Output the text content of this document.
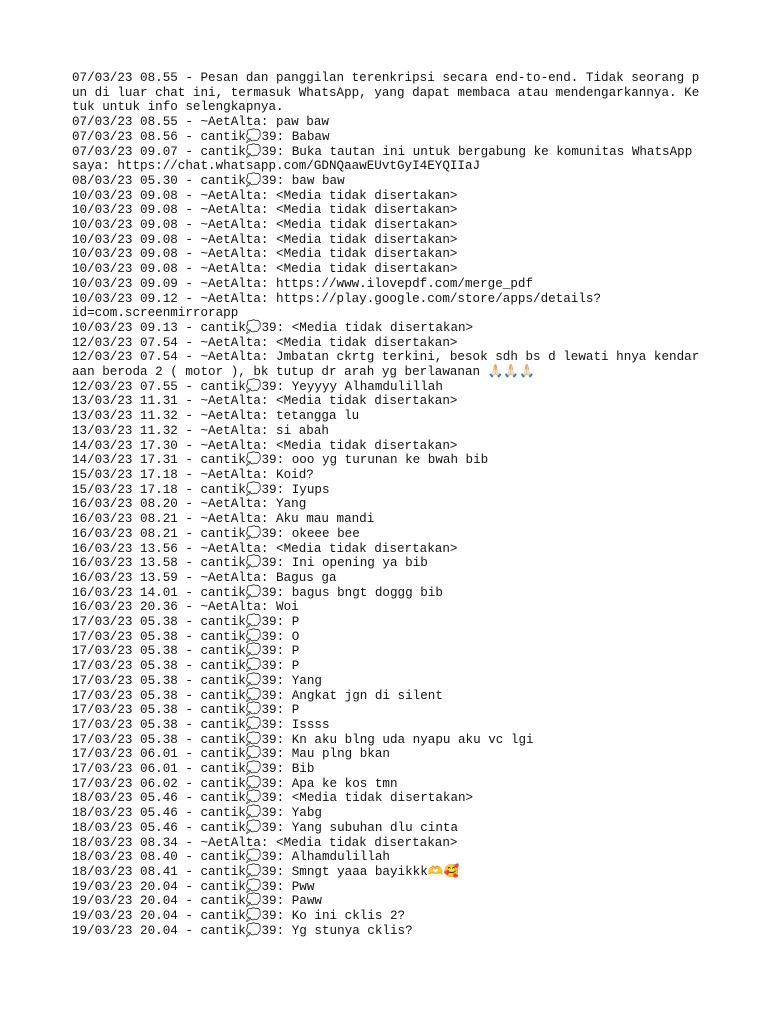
07/03/23 08.55 - Pesan dan panggilan terenkripsi secara end-to-end. Tidak seorang pun di luar chat ini, termasuk WhatsApp, yang dapat membaca atau mendengarkannya. Ketuk untuk info selengkapnya.
07/03/23 08.55 - ~AetAlta: paw baw
07/03/23 08.56 - cantik💭39: Babaw
07/03/23 09.07 - cantik💭39: Buka tautan ini untuk bergabung ke komunitas WhatsApp saya: https://chat.whatsapp.com/GDNQaawEUvtGyI4EYQIIaJ
08/03/23 05.30 - cantik💭39: baw baw
10/03/23 09.08 - ~AetAlta: <Media tidak disertakan>
10/03/23 09.08 - ~AetAlta: <Media tidak disertakan>
10/03/23 09.08 - ~AetAlta: <Media tidak disertakan>
10/03/23 09.08 - ~AetAlta: <Media tidak disertakan>
10/03/23 09.08 - ~AetAlta: <Media tidak disertakan>
10/03/23 09.08 - ~AetAlta: <Media tidak disertakan>
10/03/23 09.09 - ~AetAlta: https://www.ilovepdf.com/merge_pdf
10/03/23 09.12 - ~AetAlta: https://play.google.com/store/apps/details?
id=com.screenmirrorapp
10/03/23 09.13 - cantik💭39: <Media tidak disertakan>
12/03/23 07.54 - ~AetAlta: <Media tidak disertakan>
12/03/23 07.54 - ~AetAlta: Jmbatan ckrtg terkini, besok sdh bs d lewati hnya kendaraan beroda 2 ( motor ), bk tutup dr arah yg berlawanan 🙏🏻🙏🏻🙏🏻
12/03/23 07.55 - cantik💭39: Yeyyyy Alhamdulillah
13/03/23 11.31 - ~AetAlta: <Media tidak disertakan>
13/03/23 11.32 - ~AetAlta: tetangga lu
13/03/23 11.32 - ~AetAlta: si abah
14/03/23 17.30 - ~AetAlta: <Media tidak disertakan>
14/03/23 17.31 - cantik💭39: ooo yg turunan ke bwah bib
15/03/23 17.18 - ~AetAlta: Koid?
15/03/23 17.18 - cantik💭39: Iyups
16/03/23 08.20 - ~AetAlta: Yang
16/03/23 08.21 - ~AetAlta: Aku mau mandi
16/03/23 08.21 - cantik💭39: okeee bee
16/03/23 13.56 - ~AetAlta: <Media tidak disertakan>
16/03/23 13.58 - cantik💭39: Ini opening ya bib
16/03/23 13.59 - ~AetAlta: Bagus ga
16/03/23 14.01 - cantik💭39: bagus bngt doggg bib
16/03/23 20.36 - ~AetAlta: Woi
17/03/23 05.38 - cantik💭39: P
17/03/23 05.38 - cantik💭39: O
17/03/23 05.38 - cantik💭39: P
17/03/23 05.38 - cantik💭39: P
17/03/23 05.38 - cantik💭39: Yang
17/03/23 05.38 - cantik💭39: Angkat jgn di silent
17/03/23 05.38 - cantik💭39: P
17/03/23 05.38 - cantik💭39: Issss
17/03/23 05.38 - cantik💭39: Kn aku blng uda nyapu aku vc lgi
17/03/23 06.01 - cantik💭39: Mau plng bkan
17/03/23 06.01 - cantik💭39: Bib
17/03/23 06.02 - cantik💭39: Apa ke kos tmn
18/03/23 05.46 - cantik💭39: <Media tidak disertakan>
18/03/23 05.46 - cantik💭39: Yabg
18/03/23 05.46 - cantik💭39: Yang subuhan dlu cinta
18/03/23 08.34 - ~AetAlta: <Media tidak disertakan>
18/03/23 08.40 - cantik💭39: Alhamdulillah
18/03/23 08.41 - cantik💭39: Smngt yaaa bayikkk🫶🥰
19/03/23 20.04 - cantik💭39: Pww
19/03/23 20.04 - cantik💭39: Paww
19/03/23 20.04 - cantik💭39: Ko ini cklis 2?
19/03/23 20.04 - cantik💭39: Yg stunya cklis?
